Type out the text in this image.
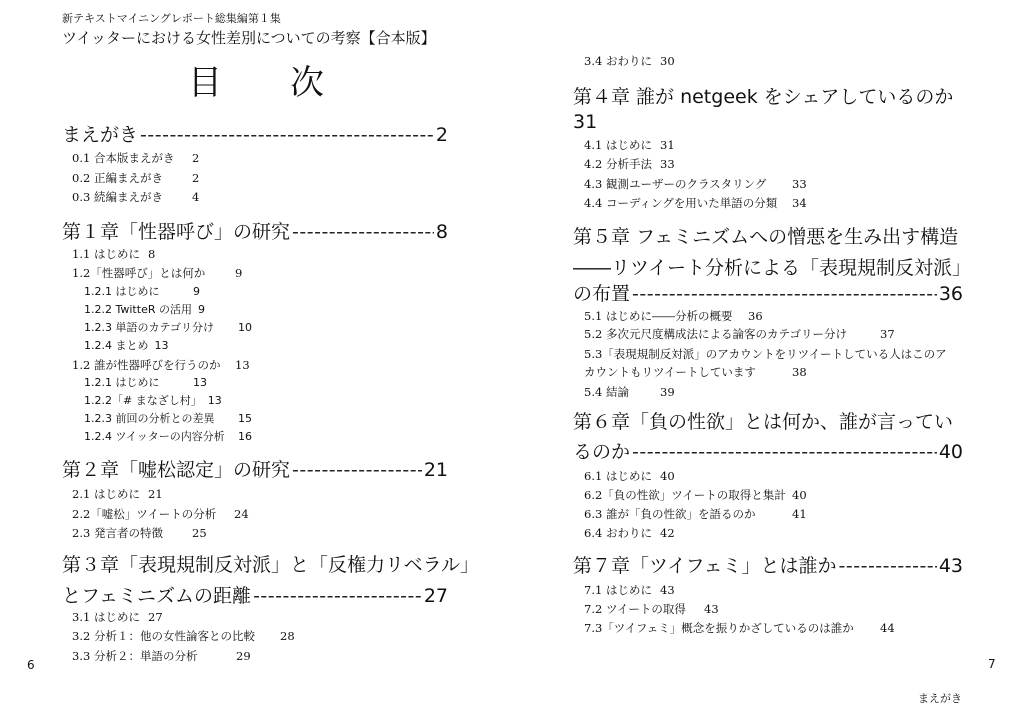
新テキストマイニングレポート総集編第１集
ツイッターにおける女性差別についての考察【合本版】
目 次
まえがき -----	2
0.1 合本版まえがき 2
0.2 正編まえがき	2
0.3 続編まえがき	4
第１章「性器呼び」の研究 -----	8
1.1 はじめに 8
1.2「性器呼び」とは何か	9
1.2.1 はじめに	9
1.2.2 TwitteR の活用 9
1.2.3 単語のカテゴリ分け 10
1.2.4 まとめ 13
1.2 誰が性器呼びを行うのか 13
1.2.1 はじめに	13
1.2.2「# まなざし村」 13
1.2.3 前回の分析との差異 15
1.2.4 ツイッターの内容分析 16
第２章「嘘松認定」の研究 -----	21
2.1 はじめに 21
2.2「嘘松」ツイートの分析 24
2.3 発言者の特徴	25
第３章「表現規制反対派」と「反権力リベラル」
とフェミニズムの距離 -----	27
3.1 はじめに 27
3.2 分析１：他の女性論客との比較 28
3.3 分析２：単語の分析	29
6
3.4 おわりに 30
第４章 誰が netgeek をシェアしているのか
31
4.1 はじめに 31
4.2 分析手法 33
4.3 観測ユーザーのクラスタリング 33
4.4 コーディングを用いた単語の分類 34
第５章 フェミニズムへの憎悪を生み出す構造
――リツイート分析による「表現規制反対派」
の布置 -----	36
5.1 はじめに――分析の概要 36
5.2 多次元尺度構成法による論客のカテゴリー分け	37
5.3「表現規制反対派」のアカウントをリツイートしている人はこのア
カウントもリツイートしています	38
5.4 結論	39
第６章「負の性欲」とは何か、誰が言ってい
るのか -----	40
6.1 はじめに 40
6.2「負の性欲」ツイートの取得と集計 40
6.3 誰が「負の性欲」を語るのか	41
6.4 おわりに 42
第７章「ツイフェミ」とは誰か -----	43
7.1 はじめに 43
7.2 ツイートの取得 43
7.3「ツイフェミ」概念を振りかざしているのは誰か 44
7
まえがき
